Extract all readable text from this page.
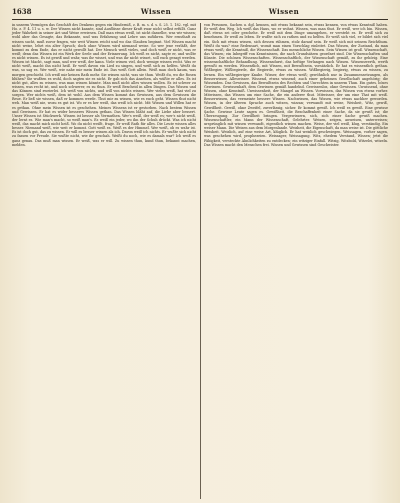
1638	Wissen	Wissen
in unserm Vermögen das Geschäft des Denkens gegen ein Hinderniß, z. B. m. s. d. s. S. 25. 1. 182. vgl. mit Ho. z. F. 4. 11 u. s. w. Der Wissen nicht kannte, sind Ausflüsse dieser Kraft zwar nicht selbst erfüllt. Ganz jeder Wahrheit in seiner Art und Weise erwiesen. Daß man etwas weiß, ist nicht dasselbe, was wir wissen; wohl aber das Gesagte, das Bekannte, und was Erfahrung und Lehre uns zuführen. Wer ernsthaft zu wissen sucht, muß zuvor fragen, wie weit Wissen reicht und wo das Glauben beginnt. Viel Wissen macht nicht weise, lehrt ein alter Spruch; doch ohne Wissen wird niemand weise. So wer jene verläßt, der kommt zu dem Ende, das er nicht gewollt hat. Der Mensch weiß vieles, und doch weiß er nicht, was er weiß; denn das Wissen ist ein Werk der Seele und der Erinnerung. Ich weiß es nicht, sagte er, und wollte es nicht wissen. Es ist gewiß und wahr, was ihr wisset, und was ihr nicht wisset, soll euch gesagt werden. Wissen ist Macht, sagt man, und wer weiß, der kann. Viele wissen viel, doch wenige wissen recht. Was er nicht weiß, macht ihn nicht heiß. Er weiß davon ein Lied zu singen, und weiß sich zu helfen. Weißt du was, so sag es. Wer weiß, wie nahe mir mein Ende ist. Das weiß Gott allein. Weiß man doch kaum, was morgen geschieht. Ich weiß mir keinen Rath mehr. Sie wissen nicht, was sie thun. Weißt du, wo die Rosen blühen? Sie wußten es wohl, doch sagten sie es nicht. Er gab sich das Ansehen, als wüßte er alles. Es ist nicht gut, alles zu wissen, was man wissen könnte. Man muß nicht alles wissen wollen. Es ist schwer zu wissen, was recht ist, und noch schwerer, es zu thun. Er weiß Bescheid in allen Dingen. Das Wissen und das Können sind zweierlei. Ich weiß von nichts, und will von nichts wissen. Wer vieles weiß, hat viel zu sorgen. Wer nichts weiß, dem ist wohl. Aus dem Wissen kommt das Gewissen, aus dem Gewissen die Reue. Er ließ sie wissen, daß er kommen werde. Thut mir zu wissen, wie es euch geht. Wissen thut nicht weh. Man weiß nie, wozu es gut ist. Wo er es her weiß, das weiß ich nicht. Mit Wissen und Willen hat er es gethan. Ohne mein Wissen ist es geschehen. Meines Wissens ist er gestorben. Nach bestem Wissen und Gewissen. Er hat es wider besseres Wissen gethan. Das Wissen bläht auf, die Liebe aber bessert. Unser Wissen ist Stückwerk. Wissen ist besser als Vermuthen. Wer's weiß, der weiß es; wer's nicht weiß, der lernt es. Wie man's macht, so weiß man's. Es weiß ein jeder, wo ihn der Schuh drückt. Was ich nicht weiß, das macht mich nicht heiß. Wo du nicht weißt, frage. Er weiß Rath für alles. Die Leute wissen alles besser. Niemand weiß, wie weit er kommt. Gott weiß es. Weiß es der Himmel. Wer weiß, ob es wahr ist. Es ist doch gut, das zu wissen. Er will es besser wissen als ich. Davon weiß ich nichts. Er wußte sich nicht zu fassen vor Freude. Sie wußte nicht, wie ihr geschah. Weißt du noch, wie es damals war? Ich weiß es ganz genau. Das muß man wissen. Er weiß, was er will. Zu wissen thun, kund thun, bekannt machen, melden.
von Personen, Sachen u. dgl. kennen, mit etwas bekannt sein, etwas kennen, von etwas Kenntniß haben. Er weiß den Weg. Ich weiß das Haus, wo er wohnt. Wissen, was man thut. Er weiß, wer ich bin. Wissen, daß etwas sei oder geschehe. Er weiß mit dem Dinge umzugehen, er versteht es. Er weiß sich zu benehmen. Er weiß zu leben. Er wußte sich zu rathen und zu helfen. Er weiß sich viel, er bildet sich viel ein. Sich mit etwas wissen, sich dessen rühmen, stolz darauf sein. Er weiß sich mit seinem Reichthum. Weißt du was? eine Redensart, womit man einen Vorschlag einleitet. Das Wissen, der Zustand, da man etwas weiß; die Kenntniß, die Wissenschaft. Das menschliche Wissen. Sein Wissen ist groß. Wissenschaft, das Wissen; ein Inbegriff von Kenntnissen, die nach Grundsätzen geordnet sind. Die Wissenschaften und Künste. Die schönen Wissenschaften. Wissenschaftlich, der Wissenschaft gemäß, zu ihr gehörig. Eine wissenschaftliche Behandlung. Wissensdurst, das heftige Verlangen nach Wissen. Wissenswerth, werth gewußt zu werden. Wissentlich, mit Wissen, mit Bewußtsein, vorsätzlich. Er hat es wissentlich gethan. Wißbegier, Wißbegierde, die Begierde, etwas zu wissen. Wißbegierig, begierig, etwas zu wissen, zu lernen. Ein wißbegieriger Knabe. Wisser, der etwas weiß; gewöhnlich nur in Zusammensetzungen, als Besserwisser, Alleswisser. Wissend, etwas wissend; auch einer geheimen Gesellschaft angehörig; die Wissenden. Das Gewissen, das Bewußtsein des Rechten und Unrechten in unserm Thun. Ein gutes, böses Gewissen. Gewissenhaft, dem Gewissen gemäß handelnd. Gewissenlos, ohne Gewissen. Unwissend, ohne Wissen, ohne Kenntniß. Unwissenheit, der Mangel an Wissen. Vorwissen, das Wissen von etwas vorher. Mitwissen, das Wissen um eine Sache, die ein anderer thut. Mitwisser, der um eine That mit weiß. Besserwissen, das vermeinte bessere Wissen. Nachwissen, das Wissen, wie etwas nachher geworden. Wissen, in der älteren Sprache auch witzen, wizzan; verwandt mit weise, Weisheit, Witz, gewiß, Gewißheit. Gewiß, ohne Zweifel, zuverlässig, sicher. Er kommt gewiß. Ich weiß es gewiß. Eine gewisse Sache. Gewisse Leute sagen es. Gewißheit, die Beschaffenheit einer Sache, da sie gewiß ist; die Überzeugung. Zur Gewißheit bringen. Vergewissern, sich, sich einer Sache gewiß machen. Wissenschaftler, ein Mann der Wissenschaft, Gelehrter. Weisen, zeigen, anweisen, unterweisen; ursprünglich mit wissen verwandt, eigentlich wissen machen. Weise, der viel weiß, klug, verständig. Ein weiser Mann. Die Weisen aus dem Morgenlande. Weisheit, die Eigenschaft, da man weise ist. Die göttliche Weisheit. Weislich, auf eine weise Art, klüglich. Er hat weislich geschwiegen. Weissagen, vorher sagen, was geschehen wird, prophezeien. Weissager, Weissagung. Witz, ehedem Verstand, Wissen; jetzt die Fähigkeit, versteckte Ähnlichkeiten zu entdecken; ein witziger Einfall. Witzig, Witzbold, Witzelei, witzeln. Das Wissen macht den Menschen frei. Wissen und Gewissen sind Geschwister.
